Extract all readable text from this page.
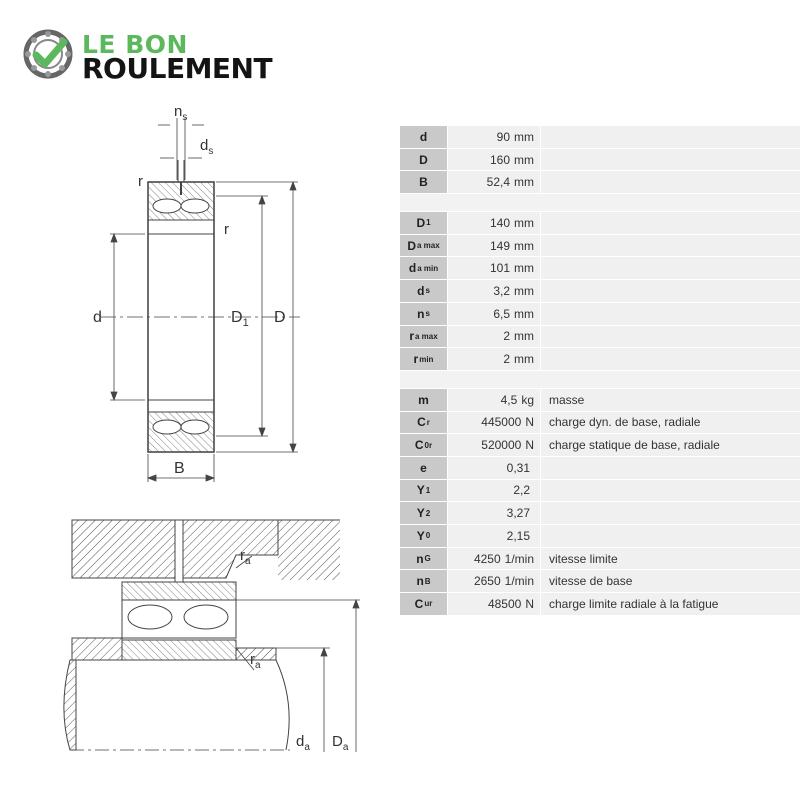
LE BON
ROULEMENT
$n_s$
$d_s$
r
r
d	$D_1$ D
B
$r_a$
$r_a$
$d_a$ $D_a$
d	90 mm
D	160 mm
B	52,4 mm
D 1	140 mm
D a max	149 mm
d a min	101 mm
d s	3,2 mm
n s	6,5 mm
r a max	2 mm
r min	2 mm
m	4,5 kg	masse
C r	445000 N	charge dyn. de base, radiale
C 0r	520000 N	charge statique de base, radiale
e	0,31
Y 1	2,2
Y 2	3,27
Y 0	2,15
n G	4250 1/min	vitesse limite
n B	2650 1/min	vitesse de base
C ur	48500 N	charge limite radiale à la fatigue
